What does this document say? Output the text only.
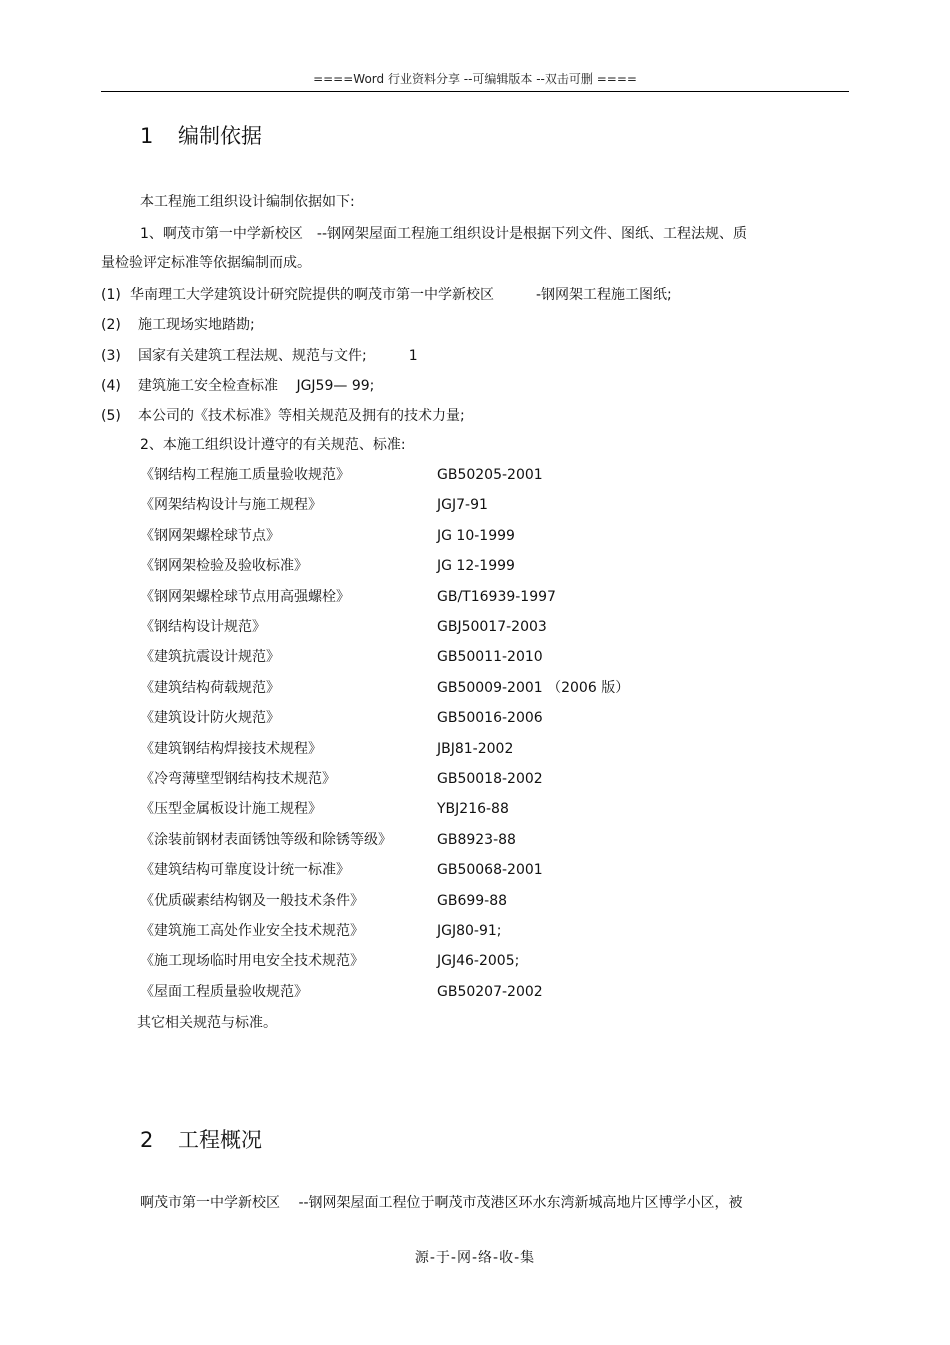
====Word 行业资料分享 --可编辑版本 --双击可删 ====
1 编制依据

本工程施工组织设计编制依据如下:

1、啊茂市第一中学新校区　--钢网架屋面工程施工组织设计是根据下列文件、图纸、工程法规、质

量检验评定标准等依据编制而成。

(1) 华南理工大学建筑设计研究院提供的啊茂市第一中学新校区　　　-钢网架工程施工图纸;
(2) 施工现场实地踏勘;
(3) 国家有关建筑工程法规、规范与文件;　　　1
(4) 建筑施工安全检查标准　 JGJ59— 99;
(5) 本公司的《技术标准》等相关规范及拥有的技术力量;

2、本施工组织设计遵守的有关规范、标准:

《钢结构工程施工质量验收规范》	GB50205-2001
《网架结构设计与施工规程》	JGJ7-91
《钢网架螺栓球节点》	JG 10-1999
《钢网架检验及验收标准》	JG 12-1999
《钢网架螺栓球节点用高强螺栓》	GB/T16939-1997
《钢结构设计规范》	GBJ50017-2003
《建筑抗震设计规范》	GB50011-2010
《建筑结构荷载规范》	GB50009-2001 （2006 版）
《建筑设计防火规范》	GB50016-2006
《建筑钢结构焊接技术规程》	JBJ81-2002
《冷弯薄壁型钢结构技术规范》	GB50018-2002
《压型金属板设计施工规程》	YBJ216-88
《涂装前钢材表面锈蚀等级和除锈等级》	GB8923-88
《建筑结构可靠度设计统一标准》	GB50068-2001
《优质碳素结构钢及一般技术条件》	GB699-88
《建筑施工高处作业安全技术规范》	JGJ80-91;
《施工现场临时用电安全技术规范》	JGJ46-2005;
《屋面工程质量验收规范》	GB50207-2002

其它相关规范与标准。

2 工程概况

啊茂市第一中学新校区　 --钢网架屋面工程位于啊茂市茂港区环水东湾新城高地片区博学小区，被

源-于-网-络-收-集
